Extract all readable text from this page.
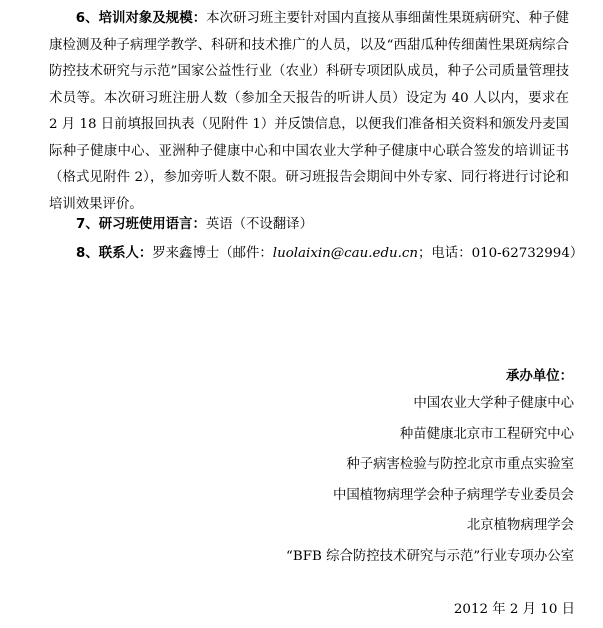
6、培训对象及规模：本次研习班主要针对国内直接从事细菌性果斑病研究、种子健康检测及种子病理学教学、科研和技术推广的人员，以及“西甜瓜种传细菌性果斑病综合防控技术研究与示范”国家公益性行业（农业）科研专项团队成员，种子公司质量管理技术员等。本次研习班注册人数（参加全天报告的听讲人员）设定为 40 人以内，要求在 2 月 18 日前填报回执表（见附件 1）并反馈信息，以便我们准备相关资料和颁发丹麦国际种子健康中心、亚洲种子健康中心和中国农业大学种子健康中心联合签发的培训证书（格式见附件 2），参加旁听人数不限。研习班报告会期间中外专家、同行将进行讨论和培训效果评价。

7、研习班使用语言：英语（不设翻译）

8、联系人：罗来鑫博士（邮件：luolaixin@cau.edu.cn；电话：010-62732994）

承办单位：

中国农业大学种子健康中心
种苗健康北京市工程研究中心
种子病害检验与防控北京市重点实验室
中国植物病理学会种子病理学专业委员会
北京植物病理学会
“BFB 综合防控技术研究与示范”行业专项办公室

2012 年 2 月 10 日
